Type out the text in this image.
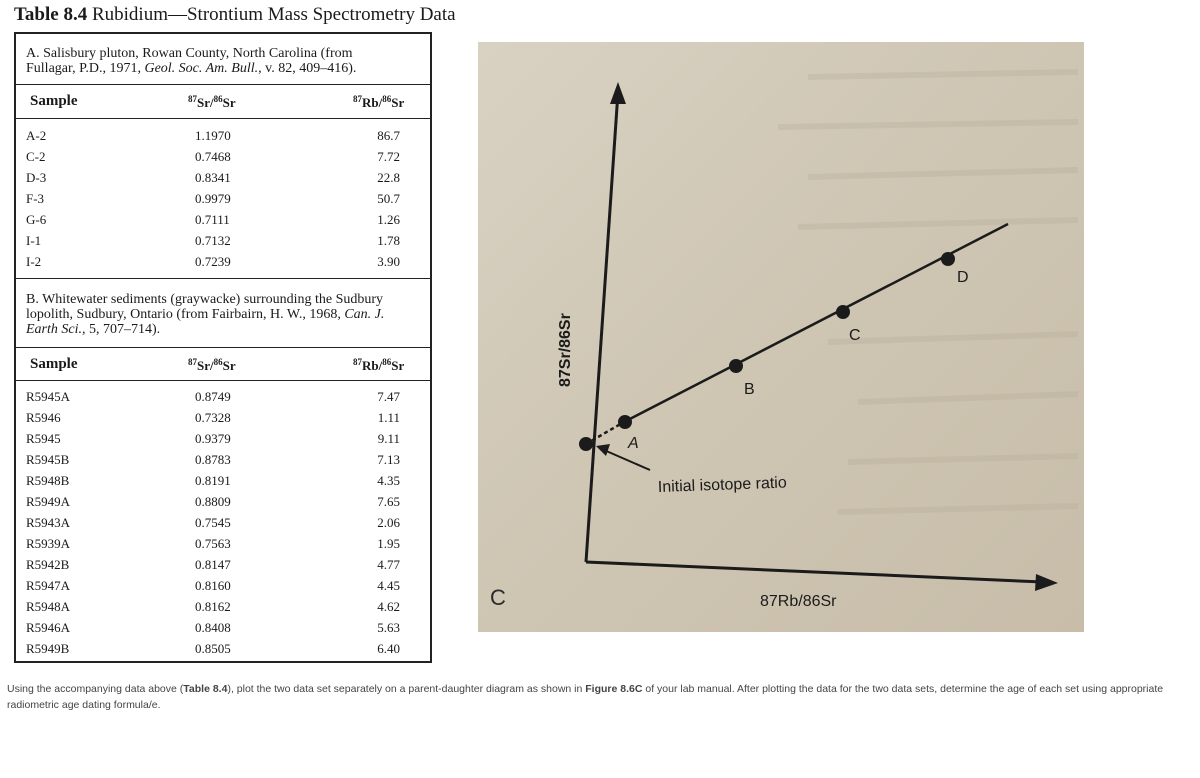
Table 8.4 Rubidium—Strontium Mass Spectrometry Data
A. Salisbury pluton, Rowan County, North Carolina (from
Fullagar, P.D., 1971, Geol. Soc. Am. Bull., v. 82, 409–416).
Sample	$^{87}$Sr/$^{86}$Sr	$^{87}$Rb/$^{86}$Sr
A-2	1.1970	86.7
C-2	0.7468	7.72
D-3	0.8341	22.8
F-3	0.9979	50.7
G-6	0.7111	1.26
I-1	0.7132	1.78
I-2	0.7239	3.90
B. Whitewater sediments (graywacke) surrounding the Sudbury
lopolith, Sudbury, Ontario (from Fairbairn, H. W., 1968, Can. J.
Earth Sci., 5, 707–714).
Sample	$^{87}$Sr/$^{86}$Sr	$^{87}$Rb/$^{86}$Sr
R5945A	0.8749	7.47
R5946	0.7328	1.11
R5945	0.9379	9.11
R5945B	0.8783	7.13
R5948B	0.8191	4.35
R5949A	0.8809	7.65
R5943A	0.7545	2.06
R5939A	0.7563	1.95
R5942B	0.8147	4.77
R5947A	0.8160	4.45
R5948A	0.8162	4.62
R5946A	0.8408	5.63
R5949B	0.8505	6.40
A
B
C
D
Initial isotope ratio
87Rb/86Sr
87Sr/86Sr
C
Using the accompanying data above (Table 8.4), plot the two data set separately on a parent-daughter diagram as shown in Figure 8.6C of your lab manual. After plotting the data for the two data sets, determine the age of each set using appropriate radiometric age dating formula/e.
